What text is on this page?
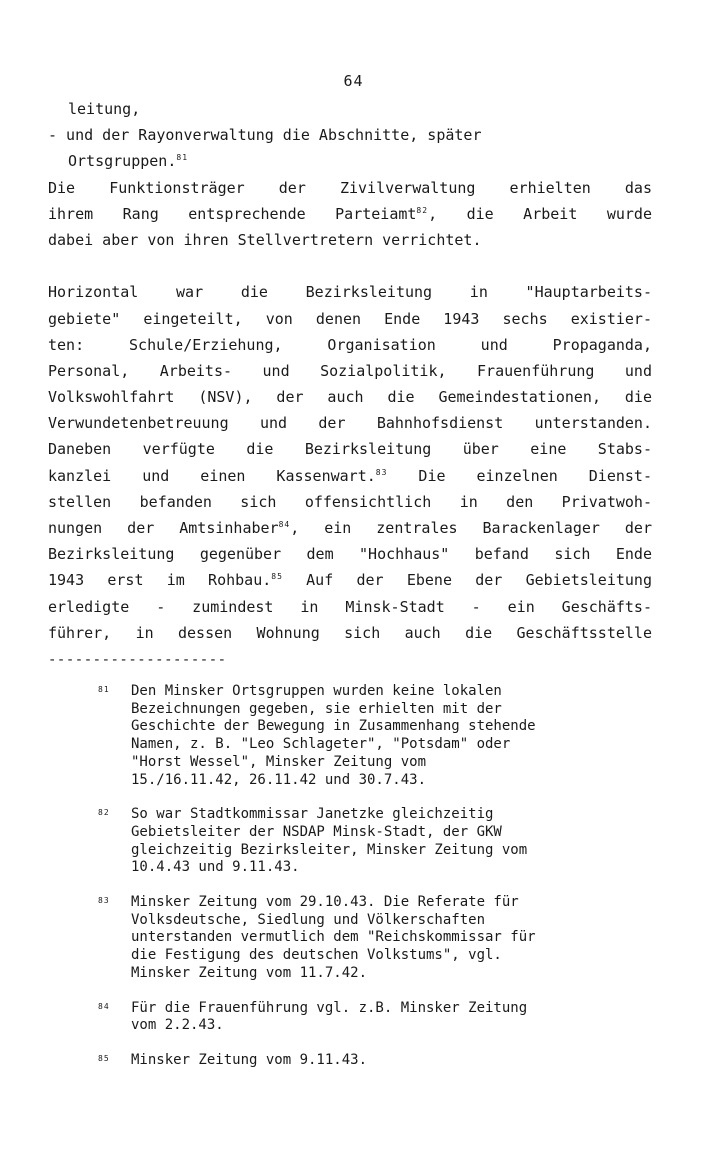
64
leitung,
- und der Rayonverwaltung die Abschnitte, später
Ortsgruppen.$^{81}$
Die Funktionsträger der Zivilverwaltung erhielten das
ihrem Rang entsprechende Parteiamt$^{82}$, die Arbeit wurde
dabei aber von ihren Stellvertretern verrichtet.
Horizontal war die Bezirksleitung in "Hauptarbeits-
gebiete" eingeteilt, von denen Ende 1943 sechs existier-
ten: Schule/Erziehung, Organisation und Propaganda,
Personal, Arbeits- und Sozialpolitik, Frauenführung und
Volkswohlfahrt (NSV), der auch die Gemeindestationen, die
Verwundetenbetreuung und der Bahnhofsdienst unterstanden.
Daneben verfügte die Bezirksleitung über eine Stabs-
kanzlei und einen Kassenwart.$^{83}$ Die einzelnen Dienst-
stellen befanden sich offensichtlich in den Privatwoh-
nungen der Amtsinhaber$^{84}$, ein zentrales Barackenlager der
Bezirksleitung gegenüber dem "Hochhaus" befand sich Ende
1943 erst im Rohbau.$^{85}$ Auf der Ebene der Gebietsleitung
erledigte - zumindest in Minsk-Stadt - ein Geschäfts-
führer, in dessen Wohnung sich auch die Geschäftsstelle
--------------------
81 Den Minsker Ortsgruppen wurden keine lokalen
Bezeichnungen gegeben, sie erhielten mit der
Geschichte der Bewegung in Zusammenhang stehende
Namen, z. B. "Leo Schlageter", "Potsdam" oder
"Horst Wessel", Minsker Zeitung vom
15./16.11.42, 26.11.42 und 30.7.43.
82 So war Stadtkommissar Janetzke gleichzeitig
Gebietsleiter der NSDAP Minsk-Stadt, der GKW
gleichzeitig Bezirksleiter, Minsker Zeitung vom
10.4.43 und 9.11.43.
83 Minsker Zeitung vom 29.10.43. Die Referate für
Volksdeutsche, Siedlung und Völkerschaften
unterstanden vermutlich dem "Reichskommissar für
die Festigung des deutschen Volkstums", vgl.
Minsker Zeitung vom 11.7.42.
84 Für die Frauenführung vgl. z.B. Minsker Zeitung
vom 2.2.43.
85 Minsker Zeitung vom 9.11.43.
